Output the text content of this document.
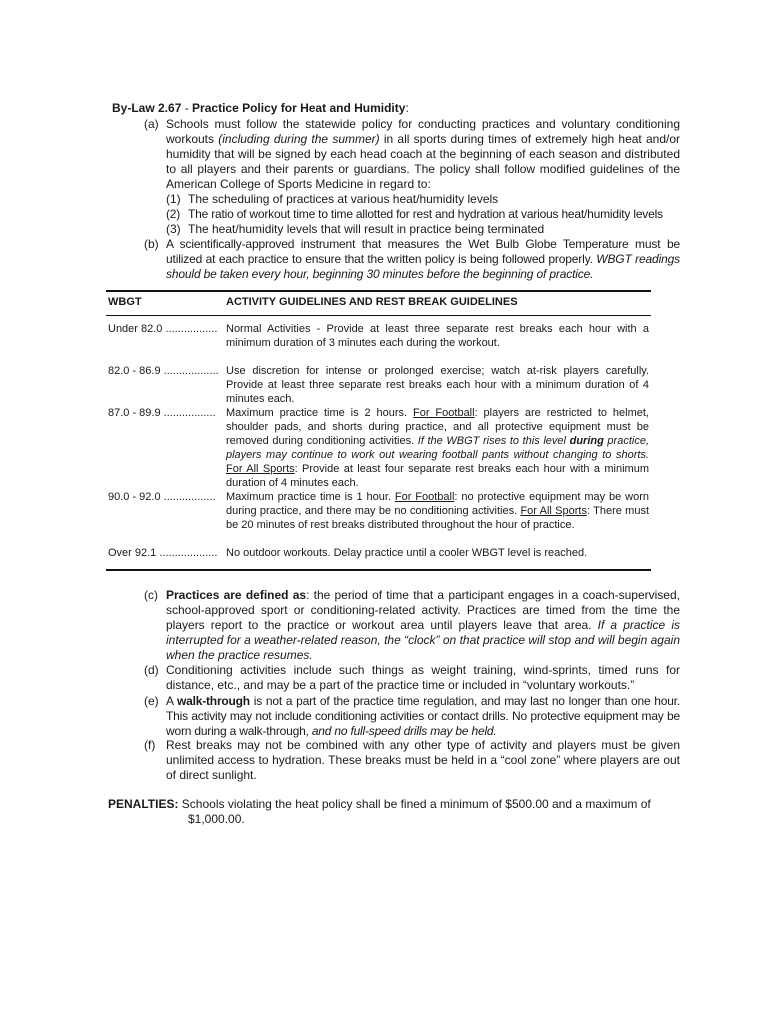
By-Law 2.67 - Practice Policy for Heat and Humidity:
(a) Schools must follow the statewide policy for conducting practices and voluntary conditioning workouts (including during the summer) in all sports during times of extremely high heat and/or humidity that will be signed by each head coach at the beginning of each season and distributed to all players and their parents or guardians. The policy shall follow modified guidelines of the American College of Sports Medicine in regard to:
(1) The scheduling of practices at various heat/humidity levels
(2) The ratio of workout time to time allotted for rest and hydration at various heat/humidity levels
(3) The heat/humidity levels that will result in practice being terminated
(b) A scientifically-approved instrument that measures the Wet Bulb Globe Temperature must be utilized at each practice to ensure that the written policy is being followed properly. WBGT readings should be taken every hour, beginning 30 minutes before the beginning of practice.
WBGT	ACTIVITY GUIDELINES AND REST BREAK GUIDELINES
Under 82.0 ................. Normal Activities - Provide at least three separate rest breaks each hour with a minimum duration of 3 minutes each during the workout.
82.0 - 86.9 .................. Use discretion for intense or prolonged exercise; watch at-risk players carefully. Provide at least three separate rest breaks each hour with a minimum duration of 4 minutes each.
87.0 - 89.9 ................. Maximum practice time is 2 hours. For Football: players are restricted to helmet, shoulder pads, and shorts during practice, and all protective equipment must be removed during conditioning activities. If the WBGT rises to this level during practice, players may continue to work out wearing football pants without changing to shorts. For All Sports: Provide at least four separate rest breaks each hour with a minimum duration of 4 minutes each.
90.0 - 92.0 ................. Maximum practice time is 1 hour. For Football: no protective equipment may be worn during practice, and there may be no conditioning activities. For All Sports: There must be 20 minutes of rest breaks distributed throughout the hour of practice.
Over 92.1 ................... No outdoor workouts. Delay practice until a cooler WBGT level is reached.
(c) Practices are defined as: the period of time that a participant engages in a coach-supervised, school-approved sport or conditioning-related activity. Practices are timed from the time the players report to the practice or workout area until players leave that area. If a practice is interrupted for a weather-related reason, the “clock” on that practice will stop and will begin again when the practice resumes.
(d) Conditioning activities include such things as weight training, wind-sprints, timed runs for distance, etc., and may be a part of the practice time or included in “voluntary workouts.”
(e) A walk-through is not a part of the practice time regulation, and may last no longer than one hour. This activity may not include conditioning activities or contact drills. No protective equipment may be worn during a walk-through, and no full-speed drills may be held.
(f) Rest breaks may not be combined with any other type of activity and players must be given unlimited access to hydration. These breaks must be held in a “cool zone” where players are out of direct sunlight.
PENALTIES: Schools violating the heat policy shall be fined a minimum of $500.00 and a maximum of
$1,000.00.
